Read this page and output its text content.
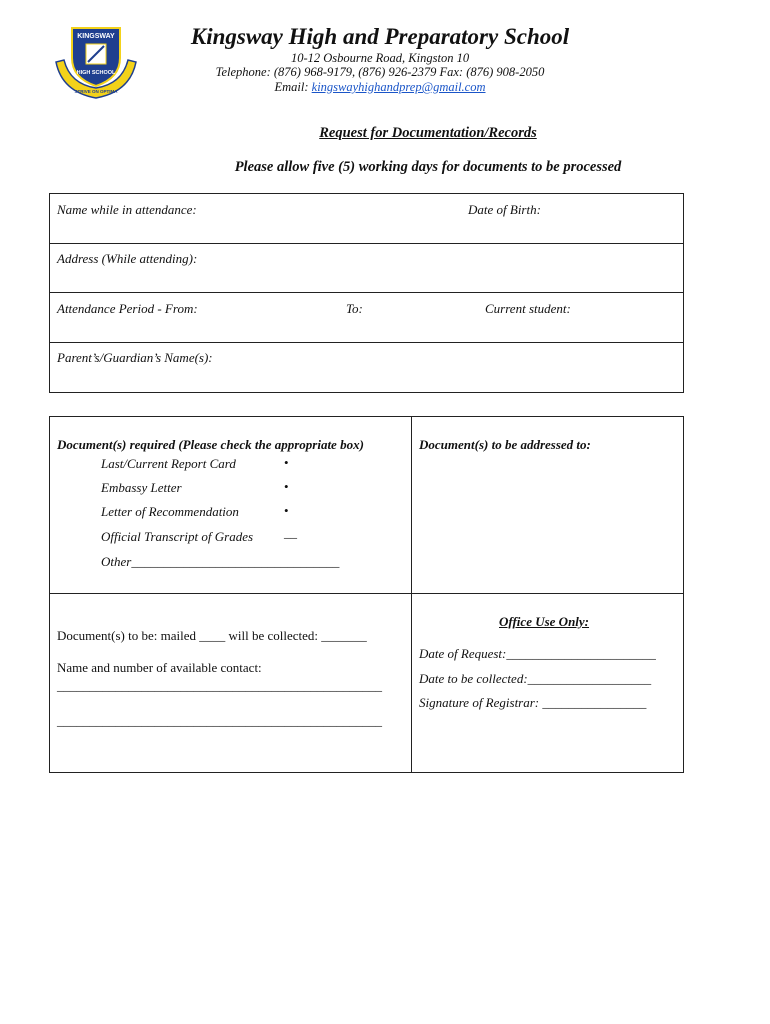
KINGSWAY
HIGH SCHOOL
STRIVE ON OPTIMA
Kingsway High and Preparatory School
10-12 Osbourne Road, Kingston 10
Telephone: (876) 968-9179, (876) 926-2379 Fax: (876) 908-2050
Email: kingswayhighandprep@gmail.com
Request for Documentation/Records
Please allow five (5) working days for documents to be processed
Name while in attendance:	Date of Birth:
Address (While attending):
Attendance Period - From:	To:	Current student:
Parent’s/Guardian’s Name(s):
Document(s) required (Please check the appropriate box)	Document(s) to be addressed to:
Last/Current Report Card	•
Embassy Letter	•
Letter of Recommendation	•
Official Transcript of Grades __
Other________________________________
Document(s) to be: mailed ____ will be collected: _______
Name and number of available contact:
__________________________________________________
__________________________________________________
Office Use Only:
Date of Request:_______________________
Date to be collected:___________________
Signature of Registrar: ________________
